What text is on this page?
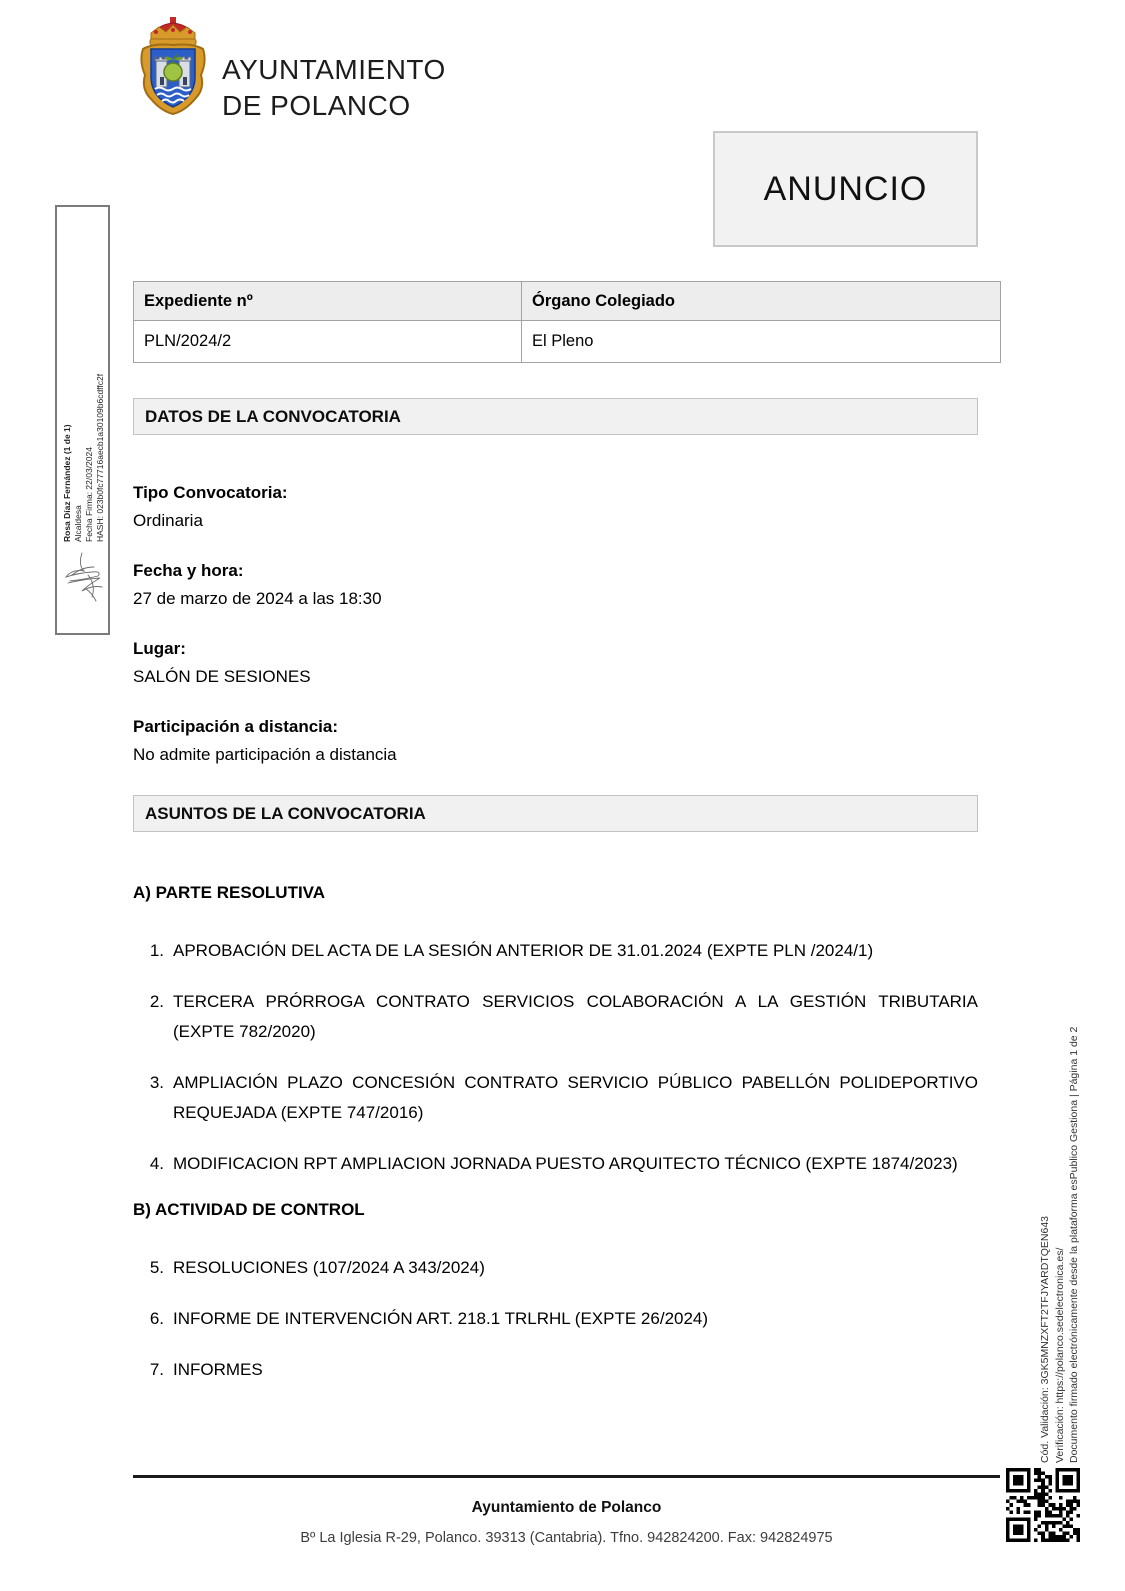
AYUNTAMIENTO
DE POLANCO
ANUNCIO
Rosa Díaz Fernández (1 de 1) Alcaldesa Fecha Firma: 22/03/2024 HASH: 023b0fc77716aecb1a30109b6cdffc2f
Expediente nº	Órgano Colegiado
PLN/2024/2	El Pleno
DATOS DE LA CONVOCATORIA
Tipo Convocatoria:
Ordinaria
Fecha y hora:
27 de marzo de 2024 a las 18:30
Lugar:
SALÓN DE SESIONES
Participación a distancia:
No admite participación a distancia
ASUNTOS DE LA CONVOCATORIA
A) PARTE RESOLUTIVA
1. APROBACIÓN DEL ACTA DE LA SESIÓN ANTERIOR DE 31.01.2024 (EXPTE PLN /2024/1)
2. TERCERA PRÓRROGA CONTRATO SERVICIOS COLABORACIÓN A LA GESTIÓN TRIBUTARIA (EXPTE 782/2020)
3. AMPLIACIÓN PLAZO CONCESIÓN CONTRATO SERVICIO PÚBLICO PABELLÓN POLIDEPORTIVO REQUEJADA (EXPTE 747/2016)
4. MODIFICACION RPT AMPLIACION JORNADA PUESTO ARQUITECTO TÉCNICO (EXPTE 1874/2023)
B) ACTIVIDAD DE CONTROL
5. RESOLUCIONES (107/2024 A 343/2024)
6. INFORME DE INTERVENCIÓN ART. 218.1 TRLRHL (EXPTE 26/2024)
7. INFORMES
Ayuntamiento de Polanco
Bº La Iglesia R-29, Polanco. 39313 (Cantabria). Tfno. 942824200. Fax: 942824975
Cód. Validación: 3GK5MNZXFT2TFJYARDTQEN643 Verificación: https://polanco.sedelectronica.es/ Documento firmado electrónicamente desde la plataforma esPublico Gestiona | Página 1 de 2
